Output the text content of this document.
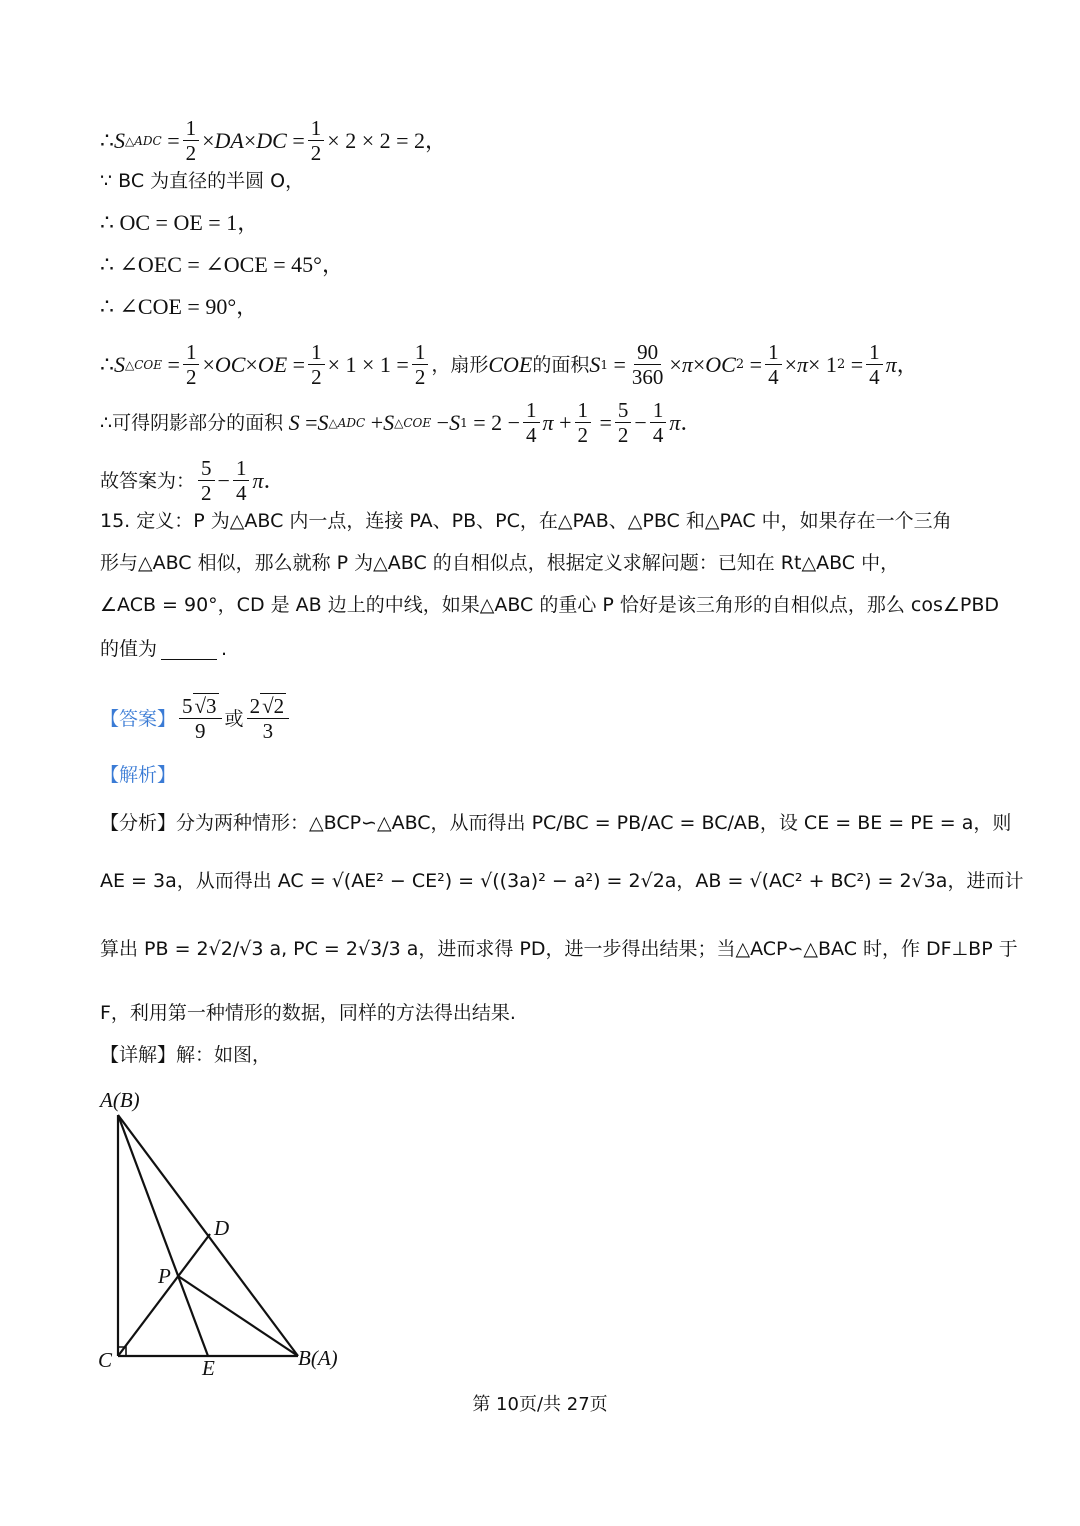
∴ S △ADC = $\frac{1}{2}$ × DA × DC = $\frac{1}{2} \times 2 \times 2 = 2$，
∵ BC 为直径的半圆 O，
∴ OC = OE = 1，
∴ ∠OEC = ∠OCE = 45°，
∴ ∠COE = 90°，
∴ S △COE = $\frac{1}{2}$ × OC × OE = $\frac{1}{2} \times 1 \times 1 = \frac{1}{2}$ ，扇形 COE 的面积 S $1 = \frac{90}{360} \times \pi$ × OC $2 = \frac{1}{4} \times \pi \times 1$ $2 = \frac{1}{4}$ π ，
∴可得阴影部分的面积 S = S △ADC + S △COE − S $1 = 2 - \frac{1}{4}$ $\pi + \frac{1}{2} = \frac{5}{2} - \frac{1}{4}$ π ．
故答案为： $\frac{5}{2} - \frac{1}{4}$ π ．
15. 定义：P 为△ABC 内一点，连接 PA、PB、PC，在△PAB、△PBC 和△PAC 中，如果存在一个三角
形与△ABC 相似，那么就称 P 为△ABC 的自相似点，根据定义求解问题：已知在 Rt△ABC 中，
∠ACB = 90°，CD 是 AB 边上的中线，如果△ABC 的重心 P 恰好是该三角形的自相似点，那么 cos∠PBD
的值为	.
【答案】 $\frac{5√3}{9}$ 或 $\frac{2√2}{3}$
【解析】
【分析】分为两种情形：△BCP∽△ABC，从而得出 PC/BC = PB/AC = BC/AB，设 CE = BE = PE = a，则
AE = 3a，从而得出 AC = √(AE² − CE²) = √((3a)² − a²) = 2√2a，AB = √(AC² + BC²) = 2√3a，进而计
算出 PB = 2√2/√3 a, PC = 2√3/3 a，进而求得 PD，进一步得出结果；当△ACP∽△BAC 时，作 DF⊥BP 于
F，利用第一种情形的数据，同样的方法得出结果.
【详解】解：如图，
A(B)
D
P
C	E	B(A)
第 10页/共 27页
